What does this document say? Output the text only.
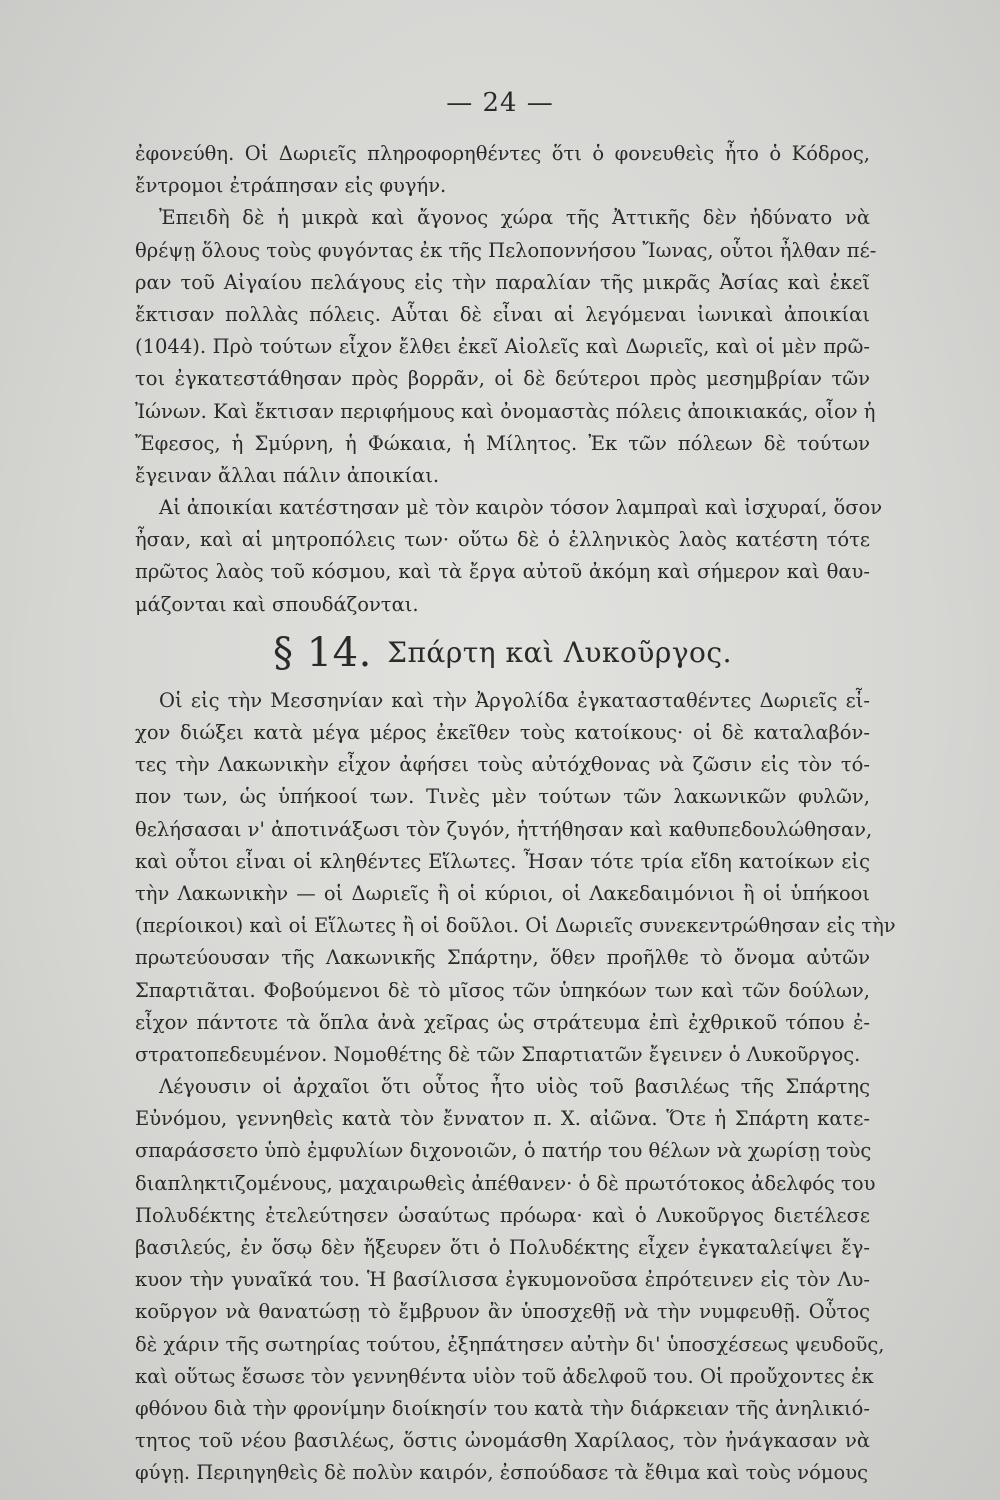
— 24 —
ἐφονεύθη. Οἱ Δωριεῖς πληροφορηθέντες ὅτι ὁ φονευθεὶς ἦτο ὁ Κόδρος,
ἔντρομοι ἐτράπησαν εἰς φυγήν.
Ἐπειδὴ δὲ ἡ μικρὰ καὶ ἄγονος χώρα τῆς Ἀττικῆς δὲν ἠδύνατο νὰ
θρέψῃ ὅλους τοὺς φυγόντας ἐκ τῆς Πελοποννήσου Ἴωνας, οὗτοι ἦλθαν πέ-
ραν τοῦ Αἰγαίου πελάγους εἰς τὴν παραλίαν τῆς μικρᾶς Ἀσίας καὶ ἐκεῖ
ἔκτισαν πολλὰς πόλεις. Αὗται δὲ εἶναι αἱ λεγόμεναι ἰωνικαὶ ἀποικίαι
(1044). Πρὸ τούτων εἶχον ἔλθει ἐκεῖ Αἰολεῖς καὶ Δωριεῖς, καὶ οἱ μὲν πρῶ-
τοι ἐγκατεστάθησαν πρὸς βορρᾶν, οἱ δὲ δεύτεροι πρὸς μεσημβρίαν τῶν
Ἰώνων. Καὶ ἔκτισαν περιφήμους καὶ ὀνομαστὰς πόλεις ἀποικιακάς, οἷον ἡ
Ἔφεσος, ἡ Σμύρνη, ἡ Φώκαια, ἡ Μίλητος. Ἐκ τῶν πόλεων δὲ τούτων
ἔγειναν ἄλλαι πάλιν ἀποικίαι.
Αἱ ἀποικίαι κατέστησαν μὲ τὸν καιρὸν τόσον λαμπραὶ καὶ ἰσχυραί, ὅσον
ἦσαν, καὶ αἱ μητροπόλεις των· οὕτω δὲ ὁ ἑλληνικὸς λαὸς κατέστη τότε
πρῶτος λαὸς τοῦ κόσμου, καὶ τὰ ἔργα αὐτοῦ ἀκόμη καὶ σήμερον καὶ θαυ-
μάζονται καὶ σπουδάζονται.
§ 14. Σπάρτη καὶ Λυκοῦργος.
Οἱ εἰς τὴν Μεσσηνίαν καὶ τὴν Ἀργολίδα ἐγκατασταθέντες Δωριεῖς εἶ-
χον διώξει κατὰ μέγα μέρος ἐκεῖθεν τοὺς κατοίκους· οἱ δὲ καταλαβόν-
τες τὴν Λακωνικὴν εἶχον ἀφήσει τοὺς αὐτόχθονας νὰ ζῶσιν εἰς τὸν τό-
πον των, ὡς ὑπήκοοί των. Τινὲς μὲν τούτων τῶν λακωνικῶν φυλῶν,
θελήσασαι ν' ἀποτινάξωσι τὸν ζυγόν, ἡττήθησαν καὶ καθυπεδουλώθησαν,
καὶ οὗτοι εἶναι οἱ κληθέντες Εἵλωτες. Ἦσαν τότε τρία εἴδη κατοίκων εἰς
τὴν Λακωνικὴν — οἱ Δωριεῖς ἢ οἱ κύριοι, οἱ Λακεδαιμόνιοι ἢ οἱ ὑπήκοοι
(περίοικοι) καὶ οἱ Εἵλωτες ἢ οἱ δοῦλοι. Οἱ Δωριεῖς συνεκεντρώθησαν εἰς τὴν
πρωτεύουσαν τῆς Λακωνικῆς Σπάρτην, ὅθεν προῆλθε τὸ ὄνομα αὐτῶν
Σπαρτιᾶται. Φοβούμενοι δὲ τὸ μῖσος τῶν ὑπηκόων των καὶ τῶν δούλων,
εἶχον πάντοτε τὰ ὅπλα ἀνὰ χεῖρας ὡς στράτευμα ἐπὶ ἐχθρικοῦ τόπου ἐ-
στρατοπεδευμένον. Νομοθέτης δὲ τῶν Σπαρτιατῶν ἔγεινεν ὁ Λυκοῦργος.
Λέγουσιν οἱ ἀρχαῖοι ὅτι οὗτος ἦτο υἱὸς τοῦ βασιλέως τῆς Σπάρτης
Εὐνόμου, γεννηθεὶς κατὰ τὸν ἔννατον π. Χ. αἰῶνα. Ὅτε ἡ Σπάρτη κατε-
σπαράσσετο ὑπὸ ἐμφυλίων διχονοιῶν, ὁ πατήρ του θέλων νὰ χωρίσῃ τοὺς
διαπληκτιζομένους, μαχαιρωθεὶς ἀπέθανεν· ὁ δὲ πρωτότοκος ἀδελφός του
Πολυδέκτης ἐτελεύτησεν ὡσαύτως πρόωρα· καὶ ὁ Λυκοῦργος διετέλεσε
βασιλεύς, ἐν ὅσῳ δὲν ἤξευρεν ὅτι ὁ Πολυδέκτης εἶχεν ἐγκαταλείψει ἔγ-
κυον τὴν γυναῖκά του. Ἡ βασίλισσα ἐγκυμονοῦσα ἐπρότεινεν εἰς τὸν Λυ-
κοῦργον νὰ θανατώσῃ τὸ ἔμβρυον ἂν ὑποσχεθῇ νὰ τὴν νυμφευθῇ. Οὗτος
δὲ χάριν τῆς σωτηρίας τούτου, ἐξηπάτησεν αὐτὴν δι' ὑποσχέσεως ψευδοῦς,
καὶ οὕτως ἔσωσε τὸν γεννηθέντα υἱὸν τοῦ ἀδελφοῦ του. Οἱ προὔχοντες ἐκ
φθόνου διὰ τὴν φρονίμην διοίκησίν του κατὰ τὴν διάρκειαν τῆς ἀνηλικιό-
τητος τοῦ νέου βασιλέως, ὅστις ὠνομάσθη Χαρίλαος, τὸν ἠνάγκασαν νὰ
φύγῃ. Περιηγηθεὶς δὲ πολὺν καιρόν, ἐσπούδασε τὰ ἔθιμα καὶ τοὺς νόμους
